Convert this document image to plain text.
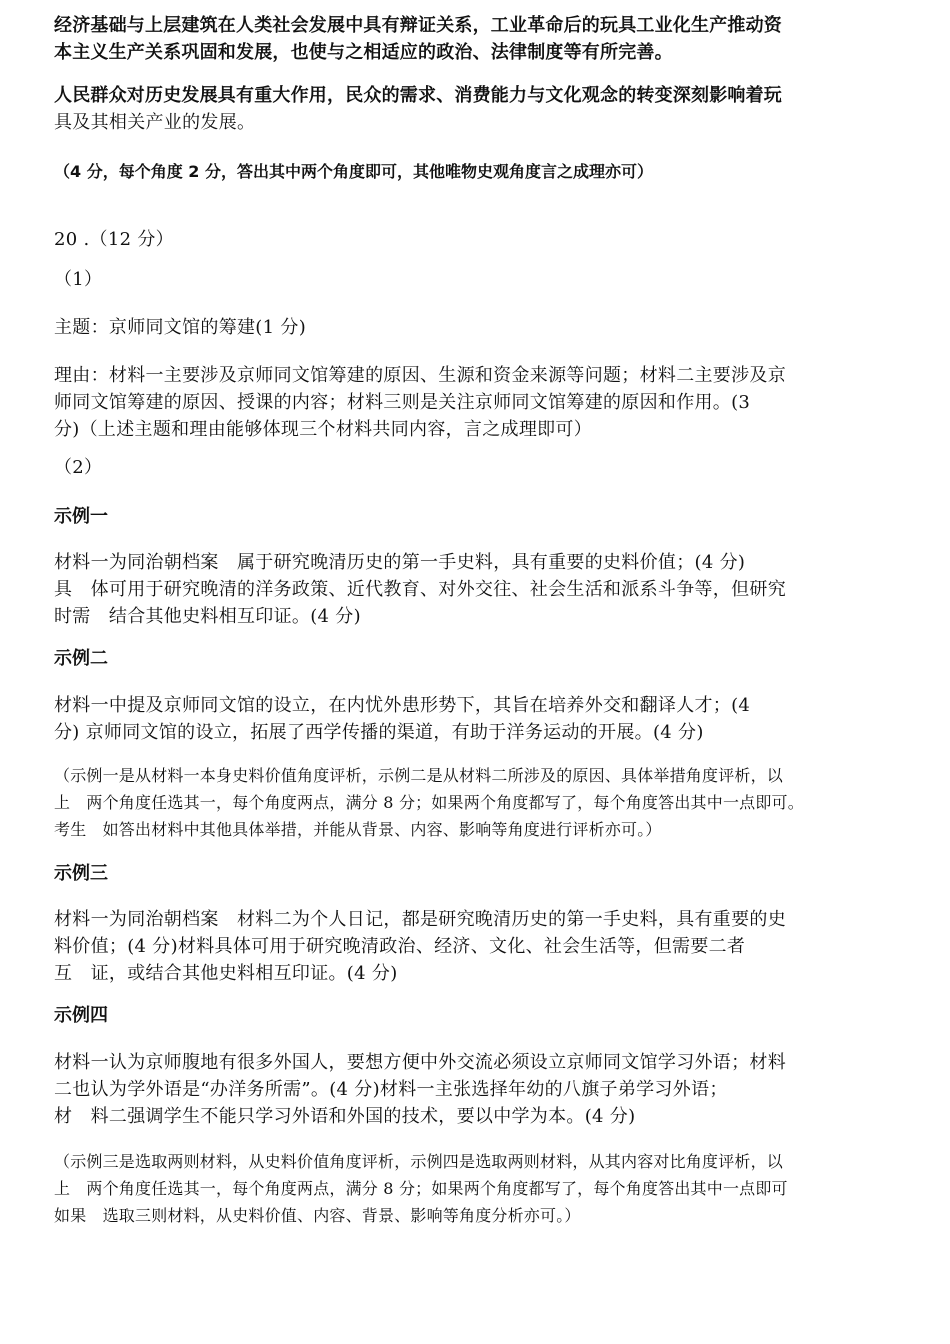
经济基础与上层建筑在人类社会发展中具有辩证关系，工业革命后的玩具工业化生产推动资
本主义生产关系巩固和发展，也使与之相适应的政治、法律制度等有所完善。
人民群众对历史发展具有重大作用，民众的需求、消费能力与文化观念的转变深刻影响着玩
具及其相关产业的发展。
（4 分，每个角度 2 分，答出其中两个角度即可，其他唯物史观角度言之成理亦可）
20 .（12 分）
（1）
主题：京师同文馆的筹建(1 分)
理由：材料一主要涉及京师同文馆筹建的原因、生源和资金来源等问题；材料二主要涉及京
师同文馆筹建的原因、授课的内容；材料三则是关注京师同文馆筹建的原因和作用。(3
分)（上述主题和理由能够体现三个材料共同内容，言之成理即可）
（2）
示例一
材料一为同治朝档案　属于研究晚清历史的第一手史料，具有重要的史料价值；(4 分)
具　体可用于研究晚清的洋务政策、近代教育、对外交往、社会生活和派系斗争等，但研究
时需　结合其他史料相互印证。(4 分)
示例二
材料一中提及京师同文馆的设立，在内忧外患形势下，其旨在培养外交和翻译人才；(4
分) 京师同文馆的设立，拓展了西学传播的渠道，有助于洋务运动的开展。(4 分)
（示例一是从材料一本身史料价值角度评析，示例二是从材料二所涉及的原因、具体举措角度评析，以
上　两个角度任选其一，每个角度两点，满分 8 分；如果两个角度都写了，每个角度答出其中一点即可。
考生　如答出材料中其他具体举措，并能从背景、内容、影响等角度进行评析亦可。）
示例三
材料一为同治朝档案　材料二为个人日记，都是研究晚清历史的第一手史料，具有重要的史
料价值；(4 分)材料具体可用于研究晚清政治、经济、文化、社会生活等，但需要二者
互　证，或结合其他史料相互印证。(4 分)
示例四
材料一认为京师腹地有很多外国人，要想方便中外交流必须设立京师同文馆学习外语；材料
二也认为学外语是“办洋务所需”。(4 分)材料一主张选择年幼的八旗子弟学习外语；
材　料二强调学生不能只学习外语和外国的技术，要以中学为本。(4 分)
（示例三是选取两则材料，从史料价值角度评析，示例四是选取两则材料，从其内容对比角度评析，以
上　两个角度任选其一，每个角度两点，满分 8 分；如果两个角度都写了，每个角度答出其中一点即可
如果　选取三则材料，从史料价值、内容、背景、影响等角度分析亦可。）
